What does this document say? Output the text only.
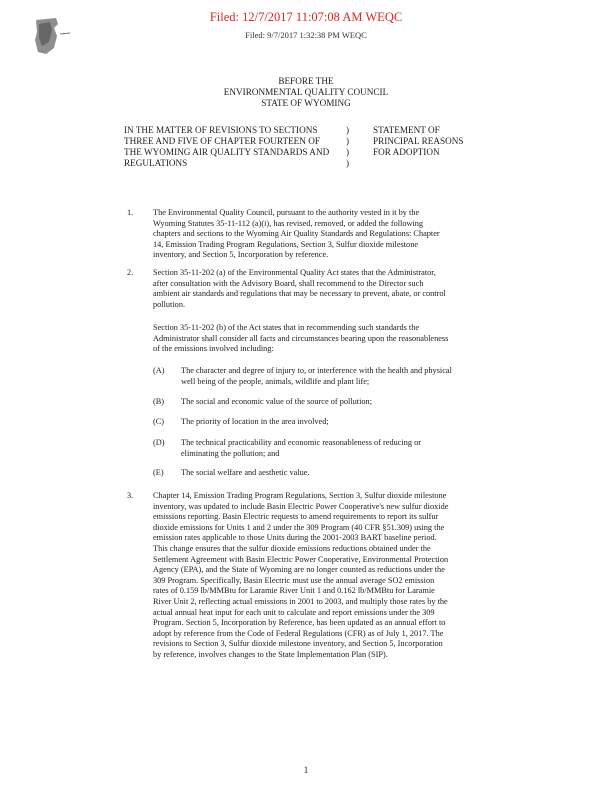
Filed: 12/7/2017 11:07:08 AM WEQC
Filed: 9/7/2017 1:32:38 PM WEQC
BEFORE THE
ENVIRONMENTAL QUALITY COUNCIL
STATE OF WYOMING
IN THE MATTER OF REVISIONS TO SECTIONS
THREE AND FIVE OF CHAPTER FOURTEEN OF
THE WYOMING AIR QUALITY STANDARDS AND
REGULATIONS
)
)
)
)
STATEMENT OF
PRINCIPAL REASONS
FOR ADOPTION
1.	The Environmental Quality Council, pursuant to the authority vested in it by the
Wyoming Statutes 35-11-112 (a)(i), has revised, removed, or added the following
chapters and sections to the Wyoming Air Quality Standards and Regulations: Chapter
14, Emission Trading Program Regulations, Section 3, Sulfur dioxide milestone
inventory, and Section 5, Incorporation by reference.
2.	Section 35-11-202 (a) of the Environmental Quality Act states that the Administrator,
after consultation with the Advisory Board, shall recommend to the Director such
ambient air standards and regulations that may be necessary to prevent, abate, or control
pollution.
Section 35-11-202 (b) of the Act states that in recommending such standards the
Administrator shall consider all facts and circumstances bearing upon the reasonableness
of the emissions involved including:
(A) The character and degree of injury to, or interference with the health and physical
well being of the people, animals, wildlife and plant life;
(B) The social and economic value of the source of pollution;
(C) The priority of location in the area involved;
(D) The technical practicability and economic reasonableness of reducing or
eliminating the pollution; and
(E) The social welfare and aesthetic value.
3.	Chapter 14, Emission Trading Program Regulations, Section 3, Sulfur dioxide milestone
inventory, was updated to include Basin Electric Power Cooperative's new sulfur dioxide
emissions reporting. Basin Electric requests to amend requirements to report its sulfur
dioxide emissions for Units 1 and 2 under the 309 Program (40 CFR §51.309) using the
emission rates applicable to those Units during the 2001-2003 BART baseline period.
This change ensures that the sulfur dioxide emissions reductions obtained under the
Settlement Agreement with Basin Electric Power Cooperative, Environmental Protection
Agency (EPA), and the State of Wyoming are no longer counted as reductions under the
309 Program. Specifically, Basin Electric must use the annual average SO2 emission
rates of 0.159 lb/MMBtu for Laramie River Unit 1 and 0.162 lb/MMBtu for Laramie
River Unit 2, reflecting actual emissions in 2001 to 2003, and multiply those rates by the
actual annual heat input for each unit to calculate and report emissions under the 309
Program. Section 5, Incorporation by Reference, has been updated as an annual effort to
adopt by reference from the Code of Federal Regulations (CFR) as of July 1, 2017. The
revisions to Section 3, Sulfur dioxide milestone inventory, and Section 5, Incorporation
by reference, involves changes to the State Implementation Plan (SIP).
1
